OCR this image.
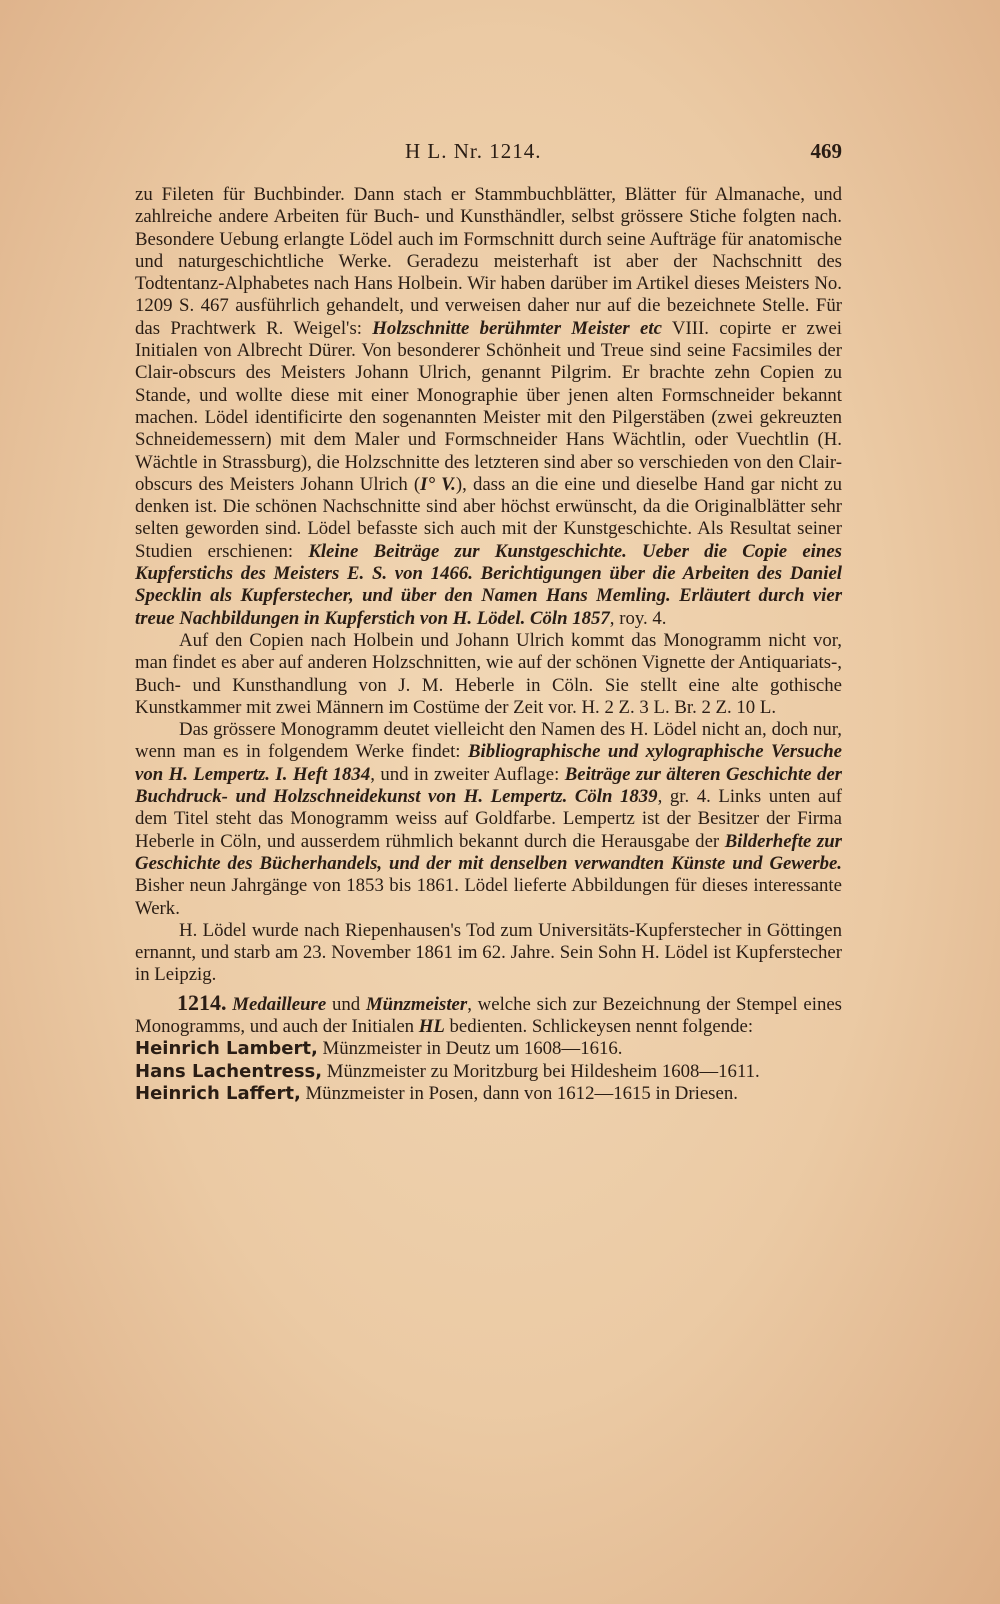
H L. Nr. 1214.	469

zu Fileten für Buchbinder. Dann stach er Stammbuchblätter, Blätter für Almanache, und zahlreiche andere Arbeiten für Buch- und Kunsthändler, selbst grössere Stiche folgten nach. Besondere Uebung erlangte Lödel auch im Formschnitt durch seine Aufträge für anatomische und naturgeschichtliche Werke. Geradezu meisterhaft ist aber der Nachschnitt des Todtentanz-Alphabetes nach Hans Holbein. Wir haben darüber im Artikel dieses Meisters No. 1209 S. 467 ausführlich gehandelt, und verweisen daher nur auf die bezeichnete Stelle. Für das Prachtwerk R. Weigel's: Holzschnitte berühmter Meister etc VIII. copirte er zwei Initialen von Albrecht Dürer. Von besonderer Schönheit und Treue sind seine Facsimiles der Clair-obscurs des Meisters Johann Ulrich, genannt Pilgrim. Er brachte zehn Copien zu Stande, und wollte diese mit einer Monographie über jenen alten Formschneider bekannt machen. Lödel identificirte den sogenannten Meister mit den Pilgerstäben (zwei gekreuzten Schneidemessern) mit dem Maler und Formschneider Hans Wächtlin, oder Vuechtlin (H. Wächtle in Strassburg), die Holzschnitte des letzteren sind aber so verschieden von den Clair-obscurs des Meisters Johann Ulrich (I° V.), dass an die eine und dieselbe Hand gar nicht zu denken ist. Die schönen Nachschnitte sind aber höchst erwünscht, da die Originalblätter sehr selten geworden sind. Lödel befasste sich auch mit der Kunstgeschichte. Als Resultat seiner Studien erschienen: Kleine Beiträge zur Kunstgeschichte. Ueber die Copie eines Kupferstichs des Meisters E. S. von 1466. Berichtigungen über die Arbeiten des Daniel Specklin als Kupferstecher, und über den Namen Hans Memling. Erläutert durch vier treue Nachbildungen in Kupferstich von H. Lödel. Cöln 1857, roy. 4.

Auf den Copien nach Holbein und Johann Ulrich kommt das Monogramm nicht vor, man findet es aber auf anderen Holzschnitten, wie auf der schönen Vignette der Antiquariats-, Buch- und Kunsthandlung von J. M. Heberle in Cöln. Sie stellt eine alte gothische Kunstkammer mit zwei Männern im Costüme der Zeit vor. H. 2 Z. 3 L. Br. 2 Z. 10 L.

Das grössere Monogramm deutet vielleicht den Namen des H. Lödel nicht an, doch nur, wenn man es in folgendem Werke findet: Bibliographische und xylographische Versuche von H. Lempertz. I. Heft 1834, und in zweiter Auflage: Beiträge zur älteren Geschichte der Buchdruck- und Holzschneidekunst von H. Lempertz. Cöln 1839, gr. 4. Links unten auf dem Titel steht das Monogramm weiss auf Goldfarbe. Lempertz ist der Besitzer der Firma Heberle in Cöln, und ausserdem rühmlich bekannt durch die Herausgabe der Bilderhefte zur Geschichte des Bücherhandels, und der mit denselben verwandten Künste und Gewerbe. Bisher neun Jahrgänge von 1853 bis 1861. Lödel lieferte Abbildungen für dieses interessante Werk.

H. Lödel wurde nach Riepenhausen's Tod zum Universitäts-Kupferstecher in Göttingen ernannt, und starb am 23. November 1861 im 62. Jahre. Sein Sohn H. Lödel ist Kupferstecher in Leipzig.

1214. Medailleure und Münzmeister, welche sich zur Bezeichnung der Stempel eines Monogramms, und auch der Initialen HL bedienten. Schlickeysen nennt folgende:

Heinrich Lambert, Münzmeister in Deutz um 1608—1616.

Hans Lachentress, Münzmeister zu Moritzburg bei Hildesheim 1608—1611.

Heinrich Laffert, Münzmeister in Posen, dann von 1612—1615 in Driesen.
